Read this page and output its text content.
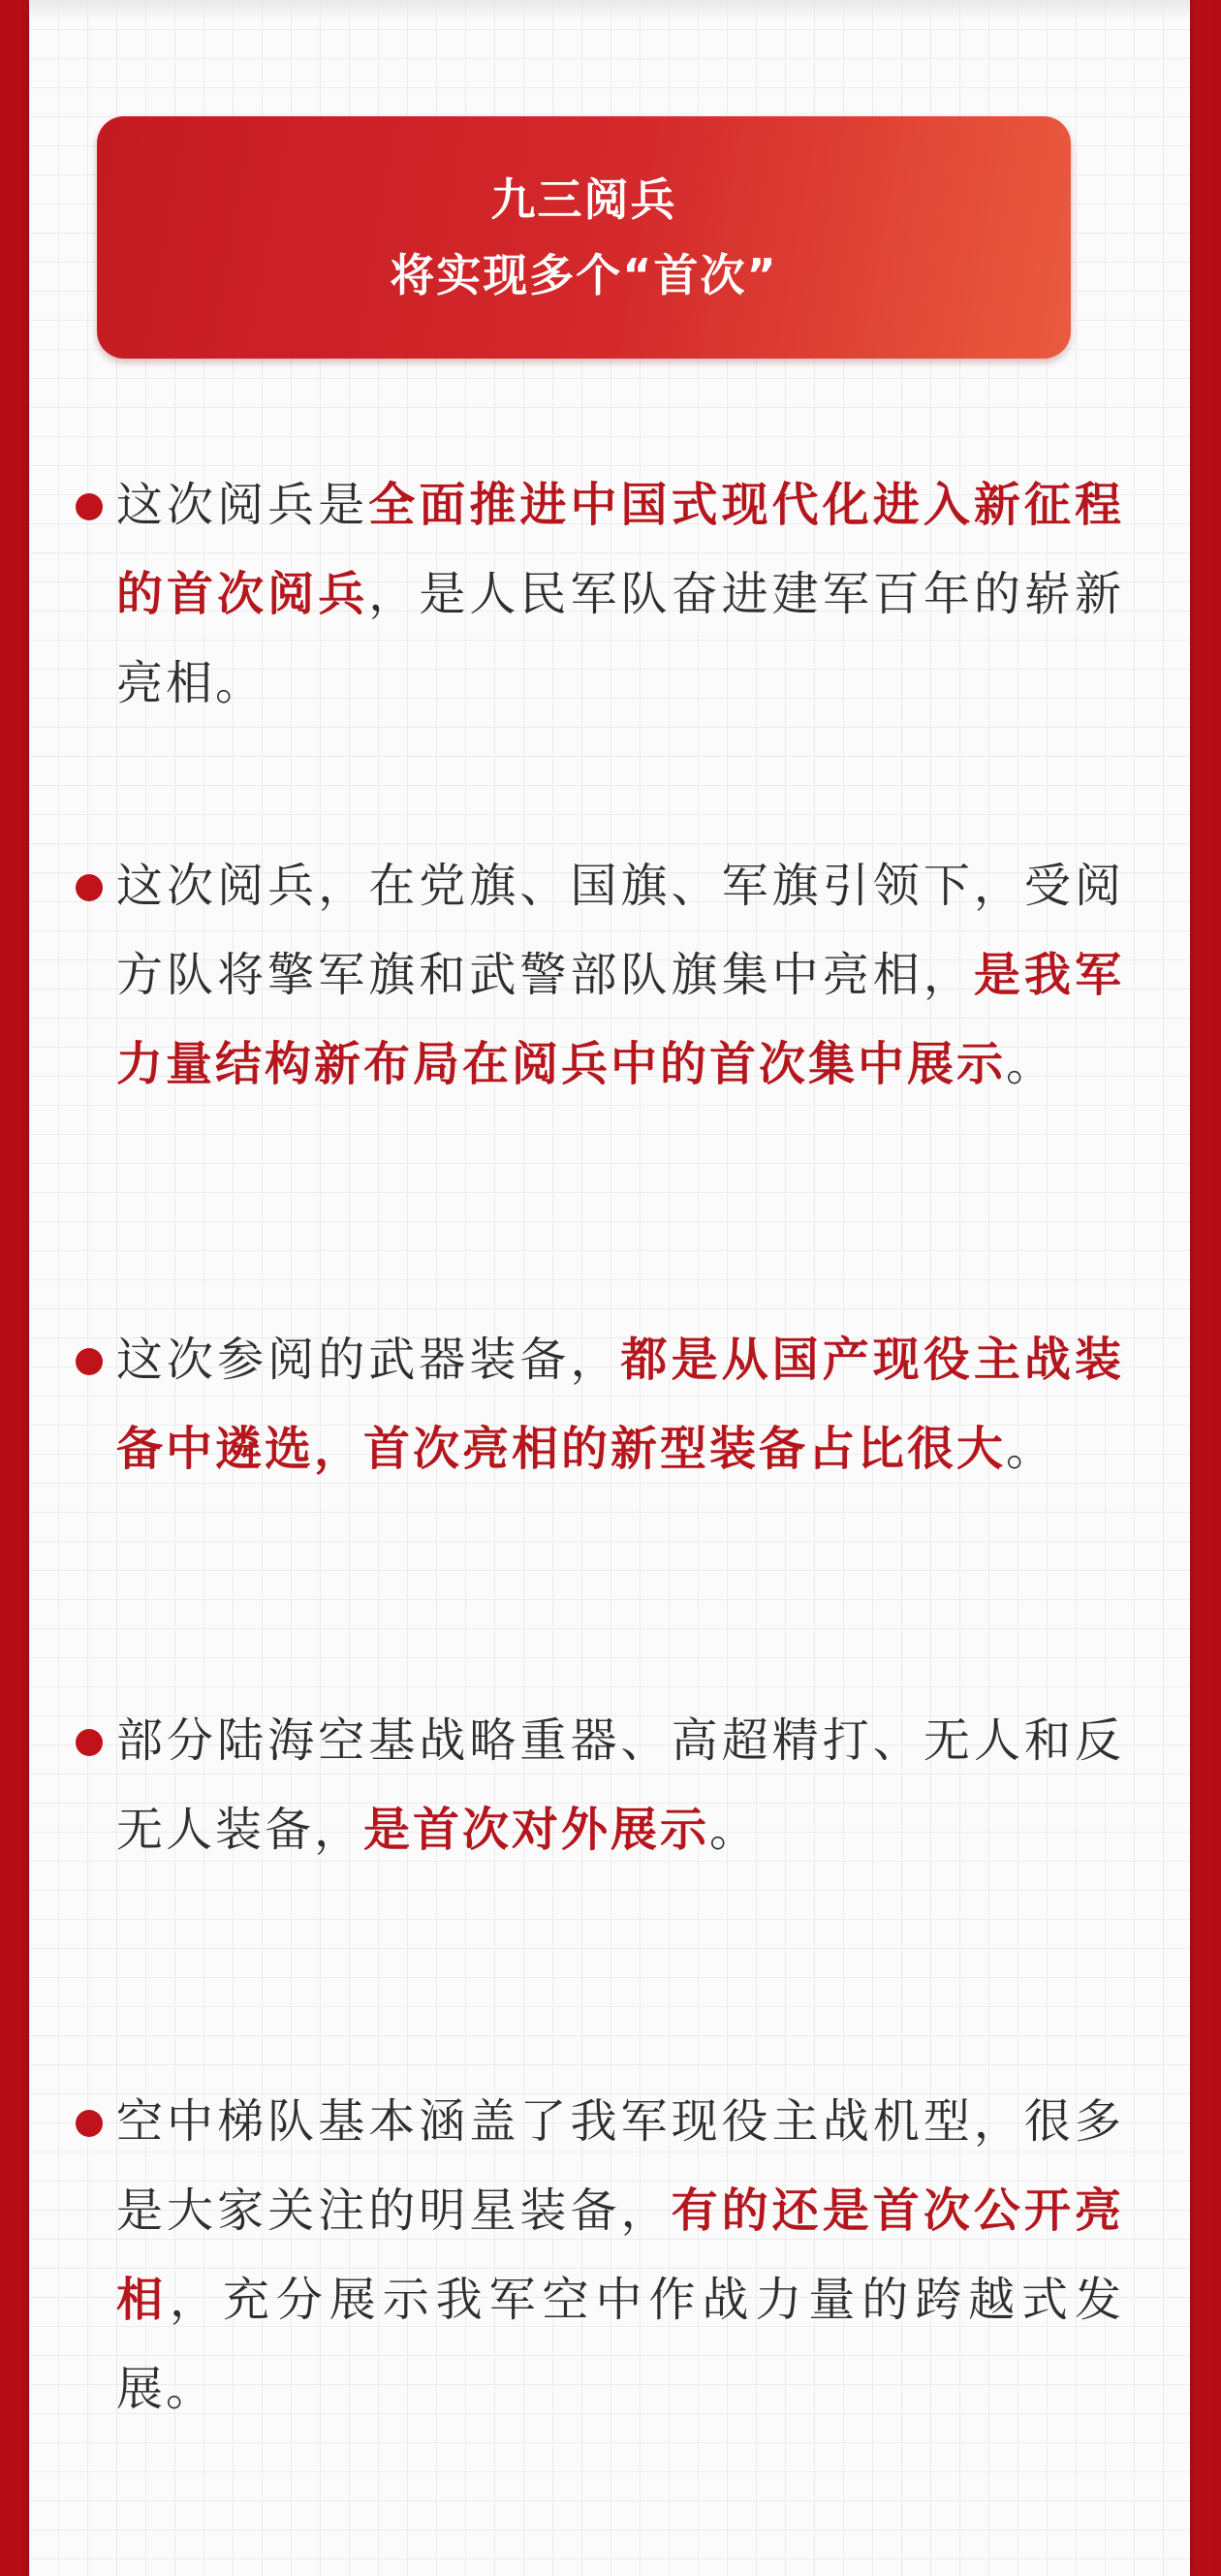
九三阅兵
将实现多个“首次”

这次阅兵是全面推进中国式现代化进入新征程的首次阅兵，是人民军队奋进建军百年的崭新亮相。

这次阅兵，在党旗、国旗、军旗引领下，受阅方队将擎军旗和武警部队旗集中亮相，是我军力量结构新布局在阅兵中的首次集中展示。

这次参阅的武器装备，都是从国产现役主战装备中遴选，首次亮相的新型装备占比很大。

部分陆海空基战略重器、高超精打、无人和反无人装备，是首次对外展示。

空中梯队基本涵盖了我军现役主战机型，很多是大家关注的明星装备，有的还是首次公开亮相，充分展示我军空中作战力量的跨越式发展。
